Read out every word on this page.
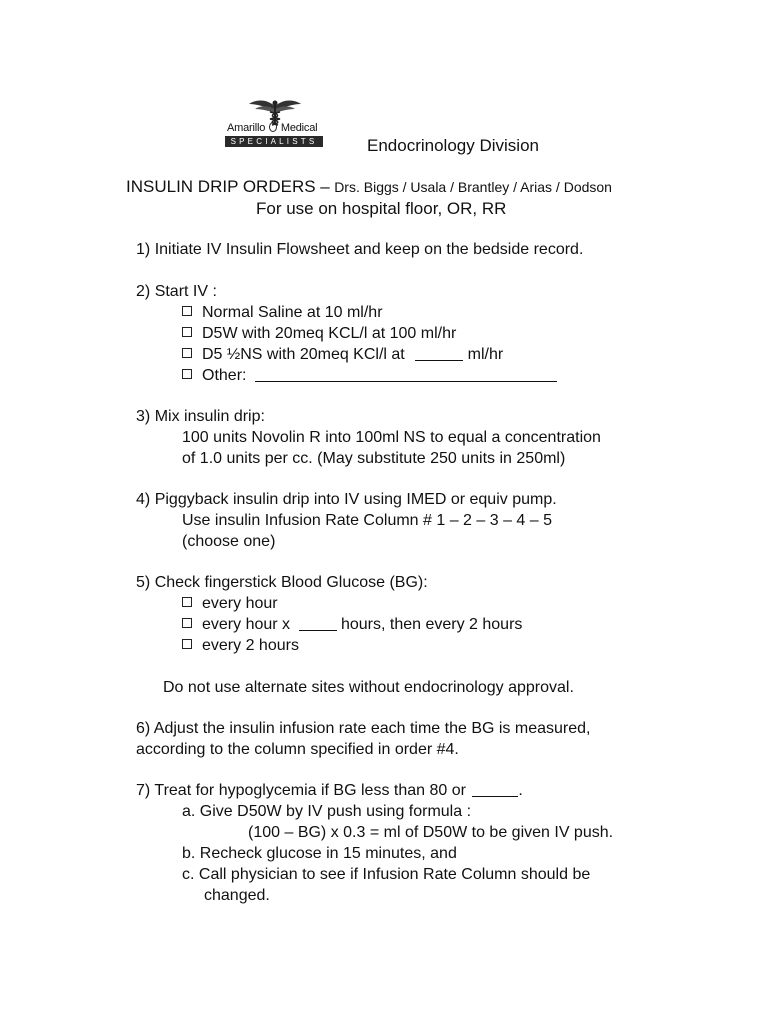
Amarillo Medical
SPECIALISTS	Endocrinology Division
INSULIN DRIP ORDERS – Drs. Biggs / Usala / Brantley / Arias / Dodson
For use on hospital floor, OR, RR
1) Initiate IV Insulin Flowsheet and keep on the bedside record.
2) Start IV :
Normal Saline at 10 ml/hr
D5W with 20meq KCL/l at 100 ml/hr
D5 ½NS with 20meq KCl/l at	ml/hr
Other:
3) Mix insulin drip:
100 units Novolin R into 100ml NS to equal a concentration
of 1.0 units per cc. (May substitute 250 units in 250ml)
4) Piggyback insulin drip into IV using IMED or equiv pump.
Use insulin Infusion Rate Column # 1 – 2 – 3 – 4 – 5
(choose one)
5) Check fingerstick Blood Glucose (BG):
every hour
every hour x	hours, then every 2 hours
every 2 hours
Do not use alternate sites without endocrinology approval.
6) Adjust the insulin infusion rate each time the BG is measured,
according to the column specified in order #4.
7) Treat for hypoglycemia if BG less than 80 or	.
a. Give D50W by IV push using formula :
(100 – BG) x 0.3 = ml of D50W to be given IV push.
b. Recheck glucose in 15 minutes, and
c. Call physician to see if Infusion Rate Column should be
changed.
